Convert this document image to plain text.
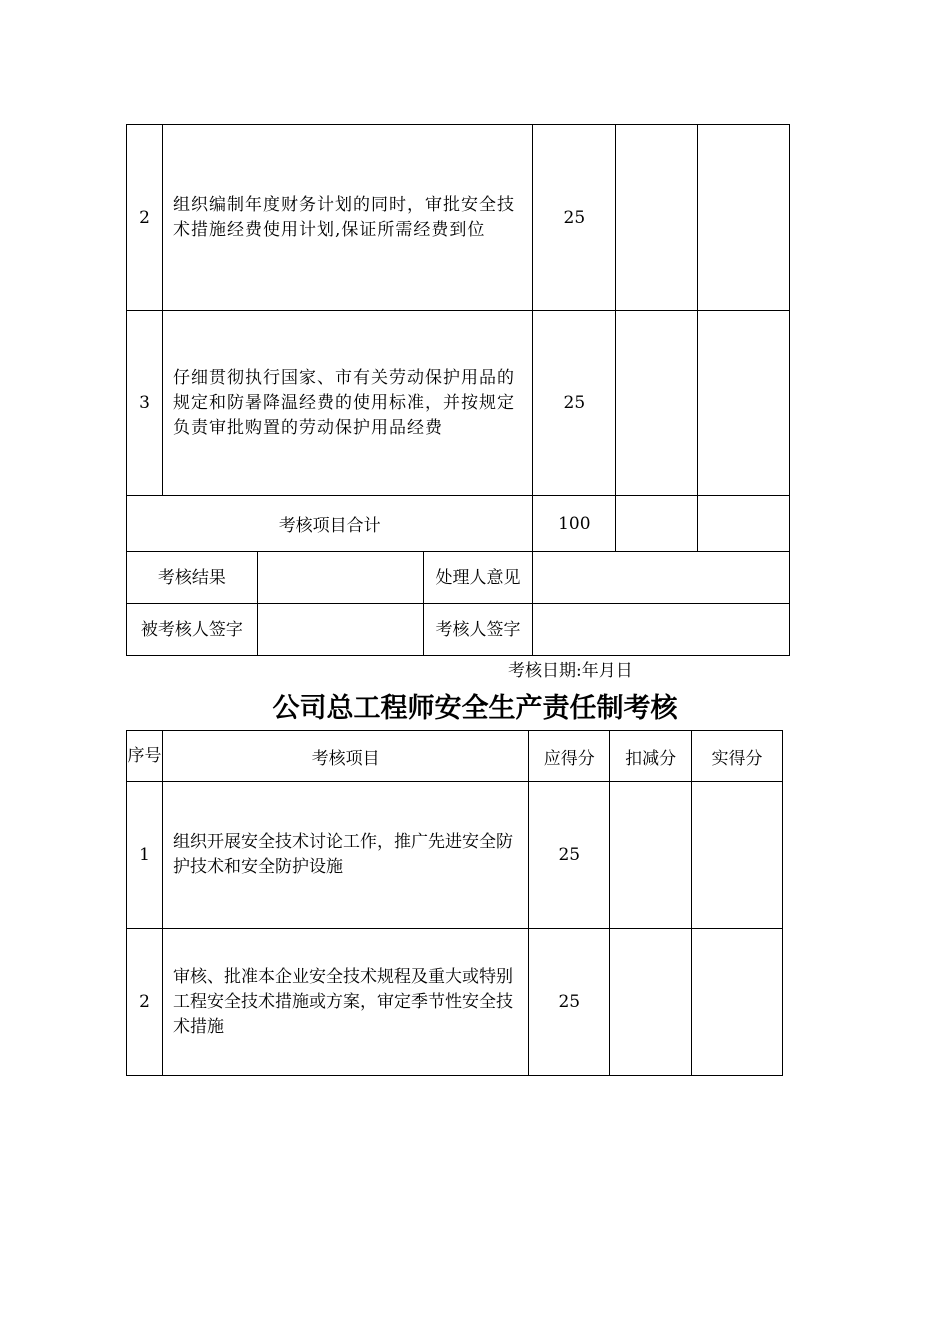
2	组织编制年度财务计划的同时，审批安全技术措施经费使用计划,保证所需经费到位	25		
3	仔细贯彻执行国家、市有关劳动保护用品的规定和防暑降温经费的使用标准，并按规定负责审批购置的劳动保护用品经费	25		
考核项目合计		100		
考核结果		处理人意见	
被考核人签字		考核人签字	
考核日期:年月日
公司总工程师安全生产责任制考核
序号	考核项目	应得分	扣减分	实得分
1	组织开展安全技术讨论工作，推广先进安全防护技术和安全防护设施	25		
2	审核、批准本企业安全技术规程及重大或特别工程安全技术措施或方案，审定季节性安全技术措施	25		
